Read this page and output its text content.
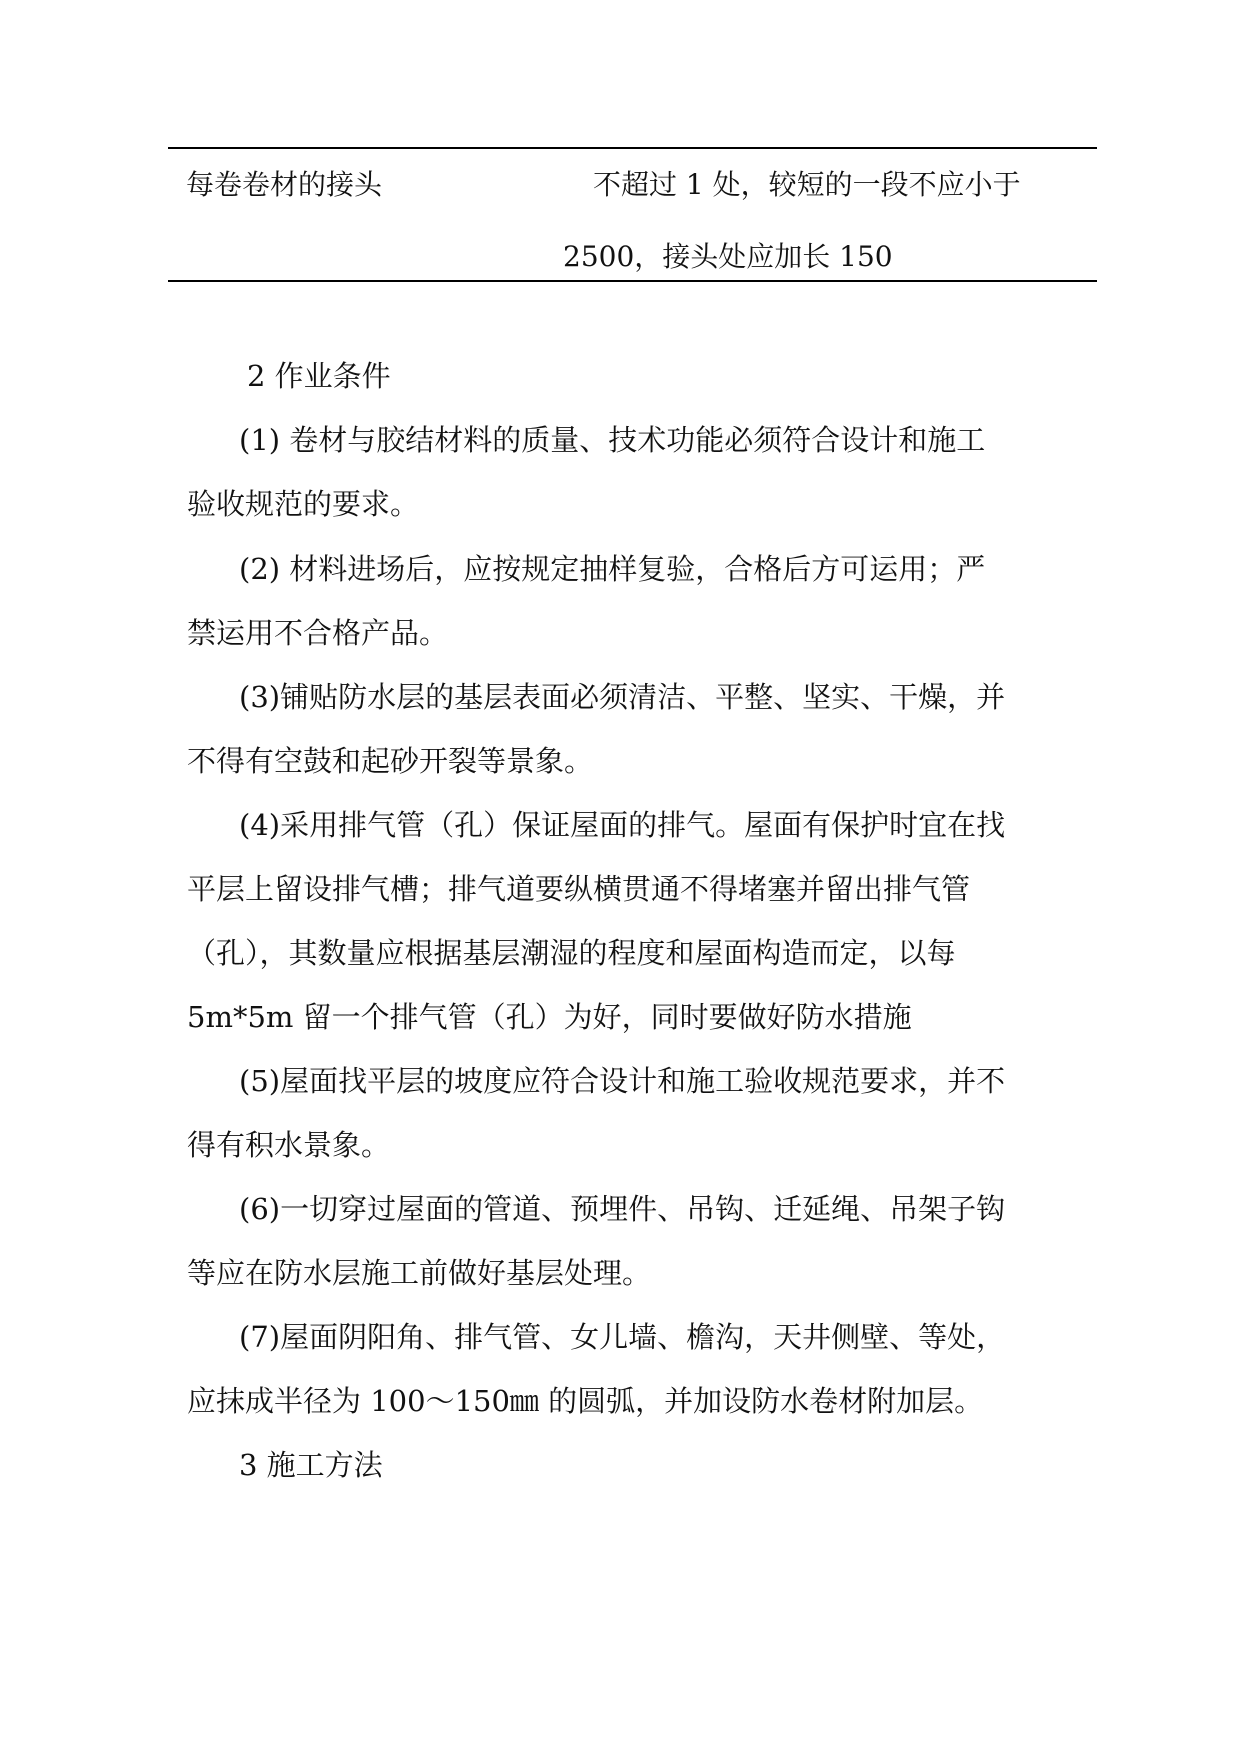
每卷卷材的接头	不超过 1 处，较短的一段不应小于
2500，接头处应加长 150
2 作业条件
(1) 卷材与胶结材料的质量、技术功能必须符合设计和施工
验收规范的要求。
(2) 材料进场后，应按规定抽样复验，合格后方可运用；严
禁运用不合格产品。
(3)铺贴防水层的基层表面必须清洁、平整、坚实、干燥，并
不得有空鼓和起砂开裂等景象。
(4)采用排气管（孔）保证屋面的排气。屋面有保护时宜在找
平层上留设排气槽；排气道要纵横贯通不得堵塞并留出排气管
（孔），其数量应根据基层潮湿的程度和屋面构造而定，以每
5m*5m 留一个排气管（孔）为好，同时要做好防水措施
(5)屋面找平层的坡度应符合设计和施工验收规范要求，并不
得有积水景象。
(6)一切穿过屋面的管道、预埋件、吊钩、迁延绳、吊架子钩
等应在防水层施工前做好基层处理。
(7)屋面阴阳角、排气管、女儿墙、檐沟，天井侧壁、等处，
应抹成半径为 100～150㎜ 的圆弧，并加设防水卷材附加层。
3 施工方法
